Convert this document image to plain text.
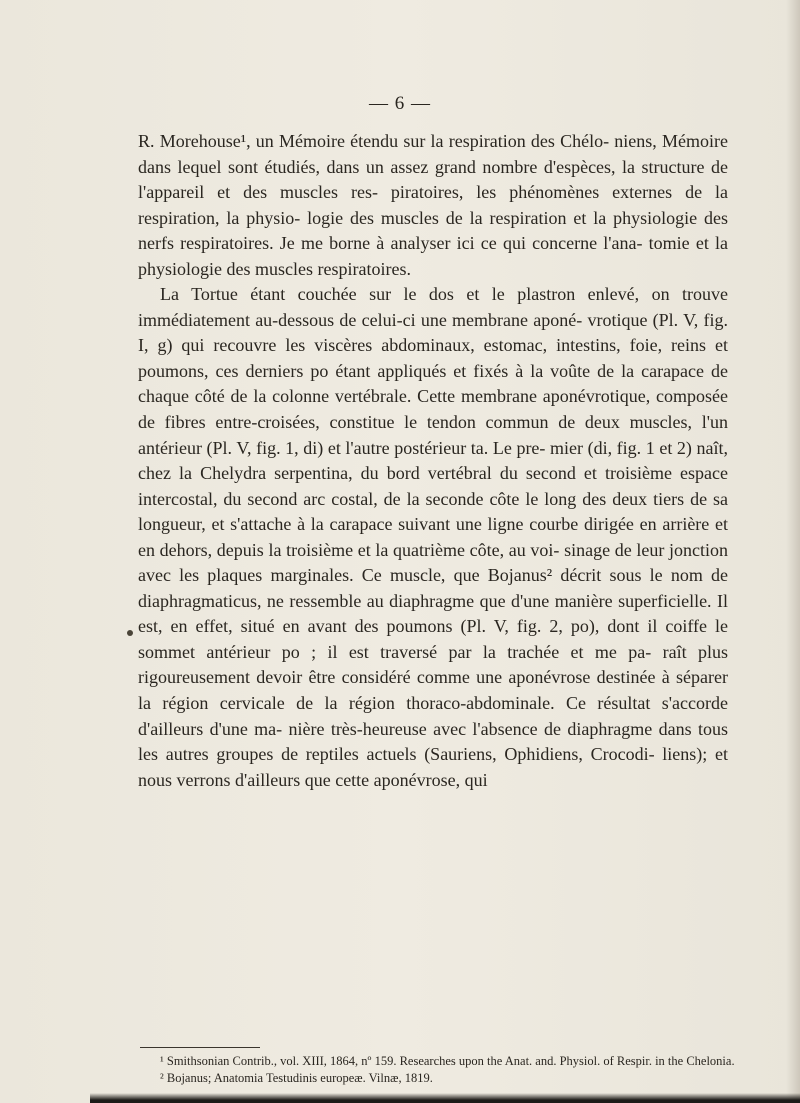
— 6 —

R. Morehouse¹, un Mémoire étendu sur la respiration des Chélo- niens, Mémoire dans lequel sont étudiés, dans un assez grand nombre d'espèces, la structure de l'appareil et des muscles res- piratoires, les phénomènes externes de la respiration, la physio- logie des muscles de la respiration et la physiologie des nerfs respiratoires. Je me borne à analyser ici ce qui concerne l'ana- tomie et la physiologie des muscles respiratoires.

La Tortue étant couchée sur le dos et le plastron enlevé, on trouve immédiatement au-dessous de celui-ci une membrane aponé- vrotique (Pl. V, fig. I, g) qui recouvre les viscères abdominaux, estomac, intestins, foie, reins et poumons, ces derniers po étant appliqués et fixés à la voûte de la carapace de chaque côté de la colonne vertébrale. Cette membrane aponévrotique, composée de fibres entre-croisées, constitue le tendon commun de deux muscles, l'un antérieur (Pl. V, fig. 1, di) et l'autre postérieur ta. Le pre- mier (di, fig. 1 et 2) naît, chez la Chelydra serpentina, du bord vertébral du second et troisième espace intercostal, du second arc costal, de la seconde côte le long des deux tiers de sa longueur, et s'attache à la carapace suivant une ligne courbe dirigée en arrière et en dehors, depuis la troisième et la quatrième côte, au voi- sinage de leur jonction avec les plaques marginales. Ce muscle, que Bojanus² décrit sous le nom de diaphragmaticus, ne ressemble au diaphragme que d'une manière superficielle. Il est, en effet, situé en avant des poumons (Pl. V, fig. 2, po), dont il coiffe le sommet antérieur po ; il est traversé par la trachée et me pa- raît plus rigoureusement devoir être considéré comme une aponévrose destinée à séparer la région cervicale de la région thoraco-abdominale. Ce résultat s'accorde d'ailleurs d'une ma- nière très-heureuse avec l'absence de diaphragme dans tous les autres groupes de reptiles actuels (Sauriens, Ophidiens, Crocodi- liens); et nous verrons d'ailleurs que cette aponévrose, qui

¹ Smithsonian Contrib., vol. XIII, 1864, nº 159. Researches upon the Anat. and. Physiol. of Respir. in the Chelonia.

² Bojanus; Anatomia Testudinis europeæ. Vilnæ, 1819.
